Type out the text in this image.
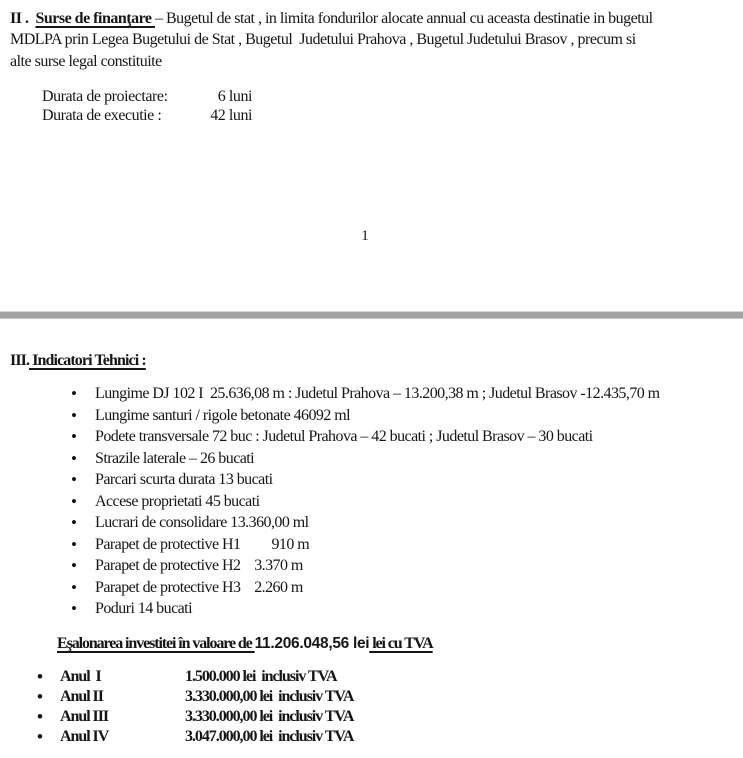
II .  Surse de finanţare – Bugetul de stat , in limita fondurilor alocate annual cu aceasta destinatie in bugetul
MDLPA prin Legea Bugetului de Stat , Bugetul  Judetului Prahova , Bugetul Judetului Brasov , precum si
alte surse legal constituite
Durata de proiectare:	6 luni
Durata de executie :	42 luni
1
III. Indicatori Tehnici :
• Lungime DJ 102 I  25.636,08 m : Judetul Prahova – 13.200,38 m ; Judetul Brasov -12.435,70 m
• Lungime santuri / rigole betonate 46092 ml
• Podete transversale 72 buc : Judetul Prahova – 42 bucati ; Judetul Brasov – 30 bucati
• Strazile laterale – 26 bucati
• Parcari scurta durata 13 bucati
• Accese proprietati 45 bucati
• Lucrari de consolidare 13.360,00 ml
• Parapet de protective H1         910 m
• Parapet de protective H2    3.370 m
• Parapet de protective H3    2.260 m
• Poduri 14 bucati
Eşalonarea investitei în valoare de 11.206.048,56 lei lei cu TVA
• Anul  I	1.500.000 lei  inclusiv TVA
• Anul II	3.330.000,00 lei  inclusiv TVA
• Anul III	3.330.000,00 lei  inclusiv TVA
• Anul IV	3.047.000,00 lei  inclusiv TVA
